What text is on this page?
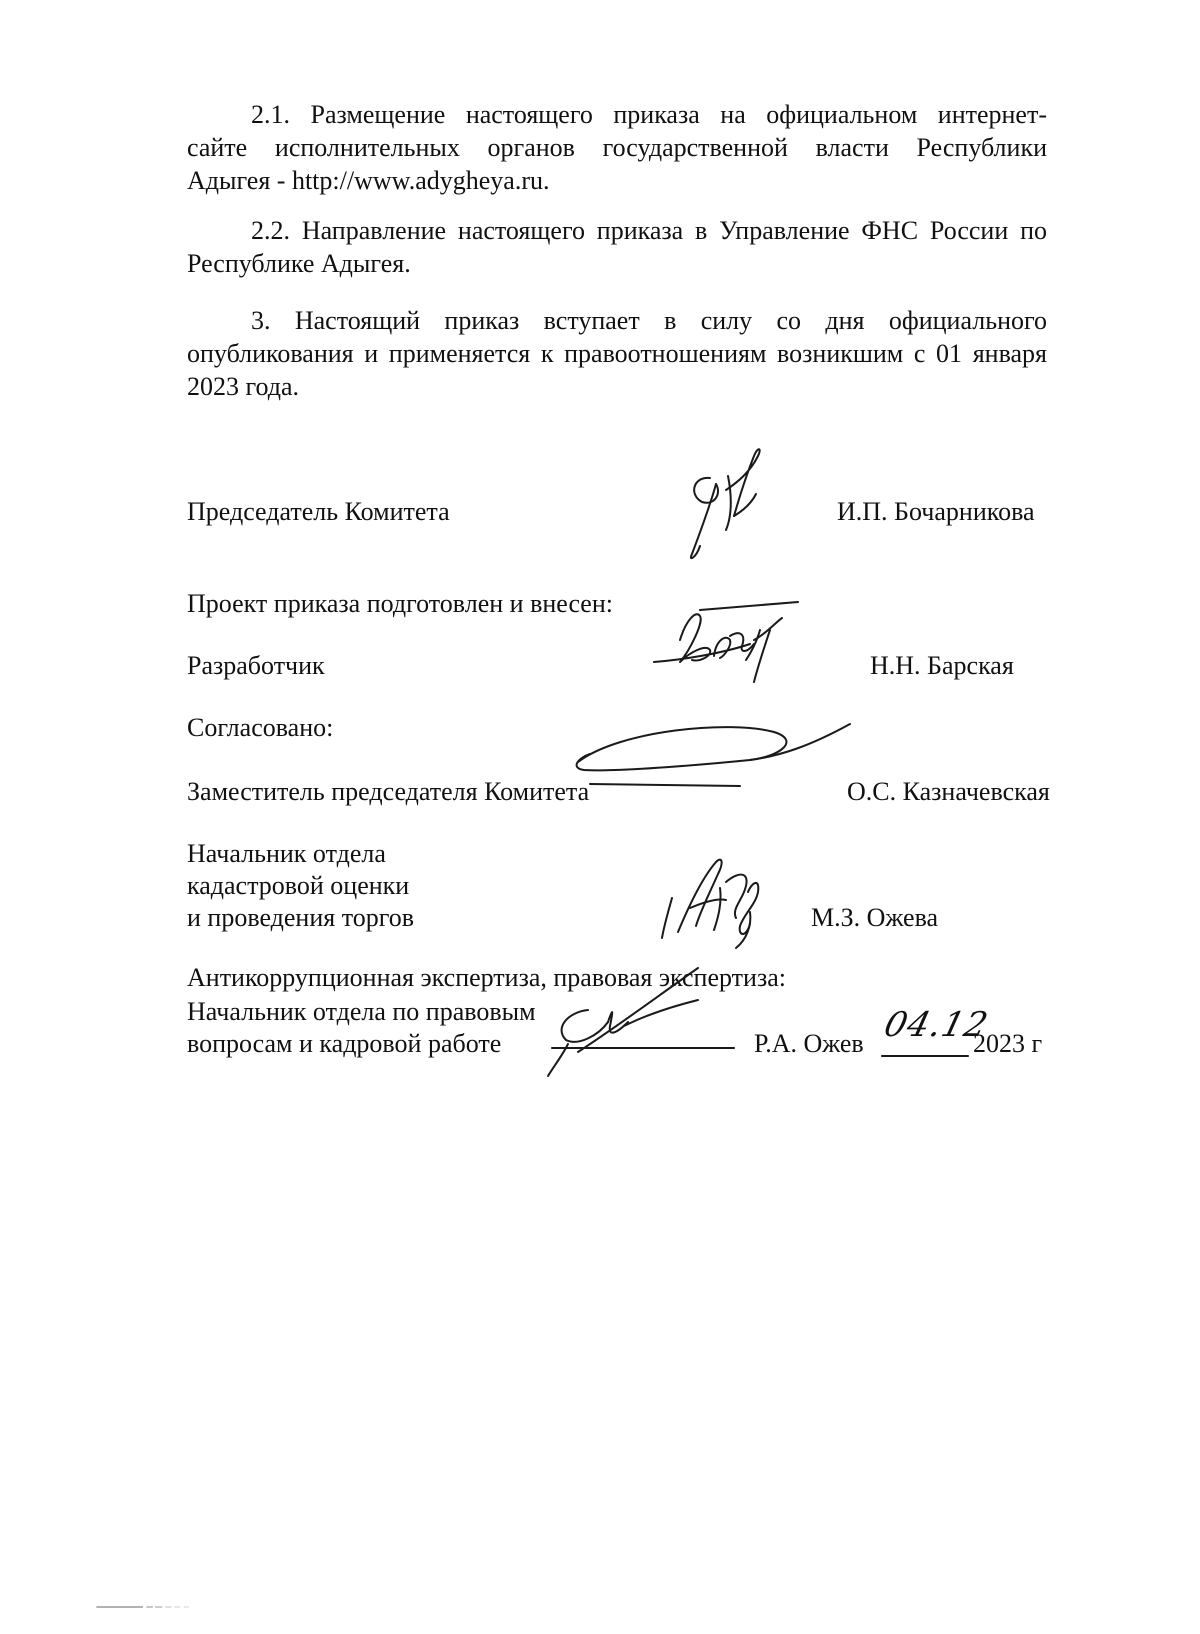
2.1. Размещение настоящего приказа на официальном интернет-
сайте исполнительных органов государственной власти Республики
Адыгея - http://www.adygheya.ru.

2.2. Направление настоящего приказа в Управление ФНС России по
Республике Адыгея.

3. Настоящий приказ вступает в силу со дня официального
опубликования и применяется к правоотношениям возникшим с 01 января
2023 года.

Председатель Комитета	И.П. Бочарникова
Проект приказа подготовлен и внесен:
Разработчик	Н.Н. Барская
Согласовано:
Заместитель председателя Комитета	О.С. Казначевская
Начальник отдела
кадастровой оценки
и проведения торгов	М.З. Ожева
Антикоррупционная экспертиза, правовая экспертиза:
Начальник отдела по правовым
вопросам и кадровой работе	Р.А. Ожев 04.12
2023 г
